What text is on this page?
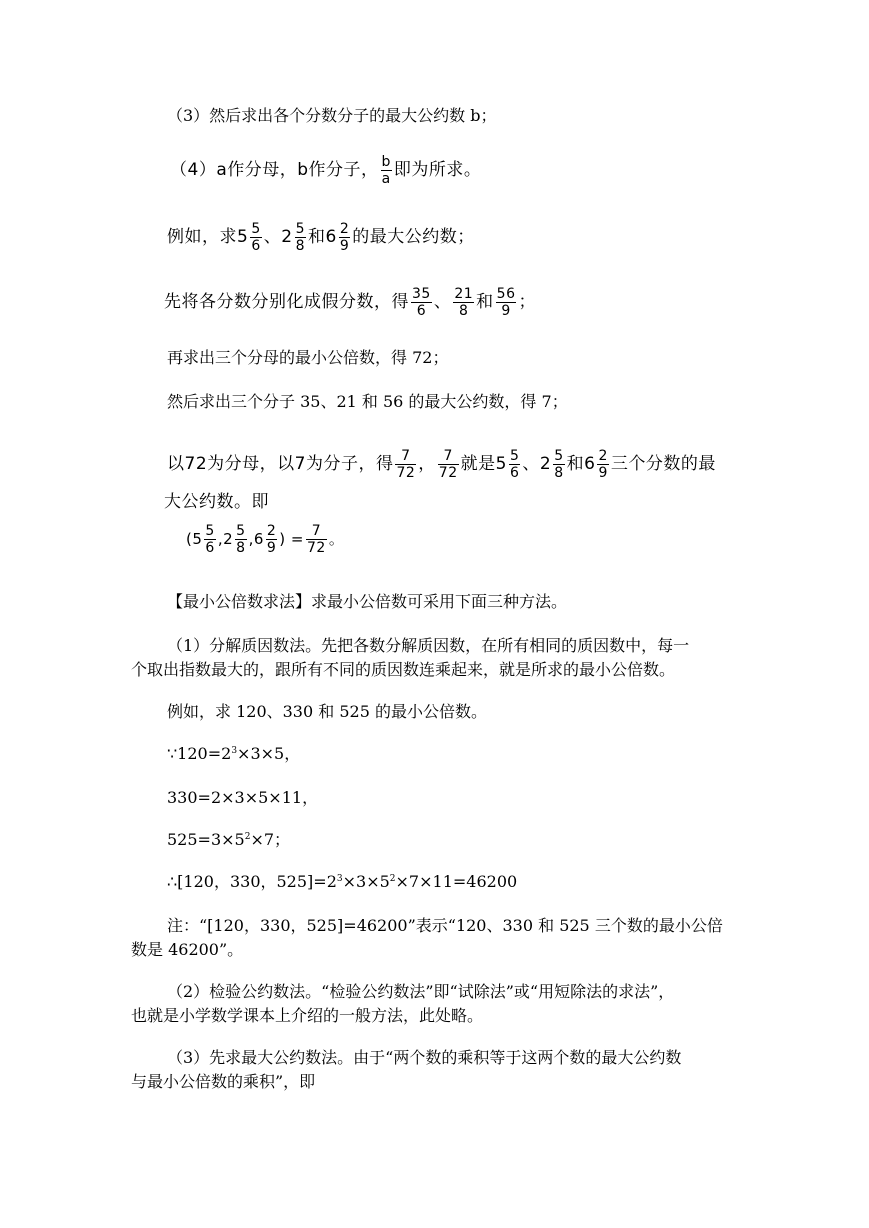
（3）然后求出各个分数分子的最大公约数 b；
（4）a作分母，b作分子， $\frac{b}{a}$ 即为所求。
例如，求$5 \frac{5}{6}$ 、$2 \frac{5}{8}$ 和$6 \frac{2}{9}$ 的最大公约数；
先将各分数分别化成假分数，得 $\frac{35}{6}$ 、 $\frac{21}{8}$ 和 $\frac{56}{9}$ ；
再求出三个分母的最小公倍数，得 72；
然后求出三个分子 35、21 和 56 的最大公约数，得 7；
以72为分母，以7为分子，得 $\frac{7}{72}$ ， $\frac{7}{72}$ 就是$5 \frac{5}{6}$ 、$2 \frac{5}{8}$ 和$6 \frac{2}{9}$ 三个分数的最
大公约数。即
($5 \frac{5}{6} ,2 \frac{5}{8} ,6 \frac{2}{9}$ ) = $\frac{7}{72}$ 。
【最小公倍数求法】求最小公倍数可采用下面三种方法。
（1）分解质因数法。先把各数分解质因数，在所有相同的质因数中，每一
个取出指数最大的，跟所有不同的质因数连乘起来，就是所求的最小公倍数。
例如，求 120、330 和 525 的最小公倍数。
$\because 120=2^3\times 3\times 5$，
330=2×3×5×11，
$525=3\times 5^2\times 7$；
∴[120，330，$525]=2^3\times 3\times 5^2\times 7\times 11=46200$
注：“[120，330，525]=46200”表示“120、330 和 525 三个数的最小公倍
数是 46200”。
（2）检验公约数法。“检验公约数法”即“试除法”或“用短除法的求法”，
也就是小学数学课本上介绍的一般方法，此处略。
（3）先求最大公约数法。由于“两个数的乘积等于这两个数的最大公约数
与最小公倍数的乘积”，即
